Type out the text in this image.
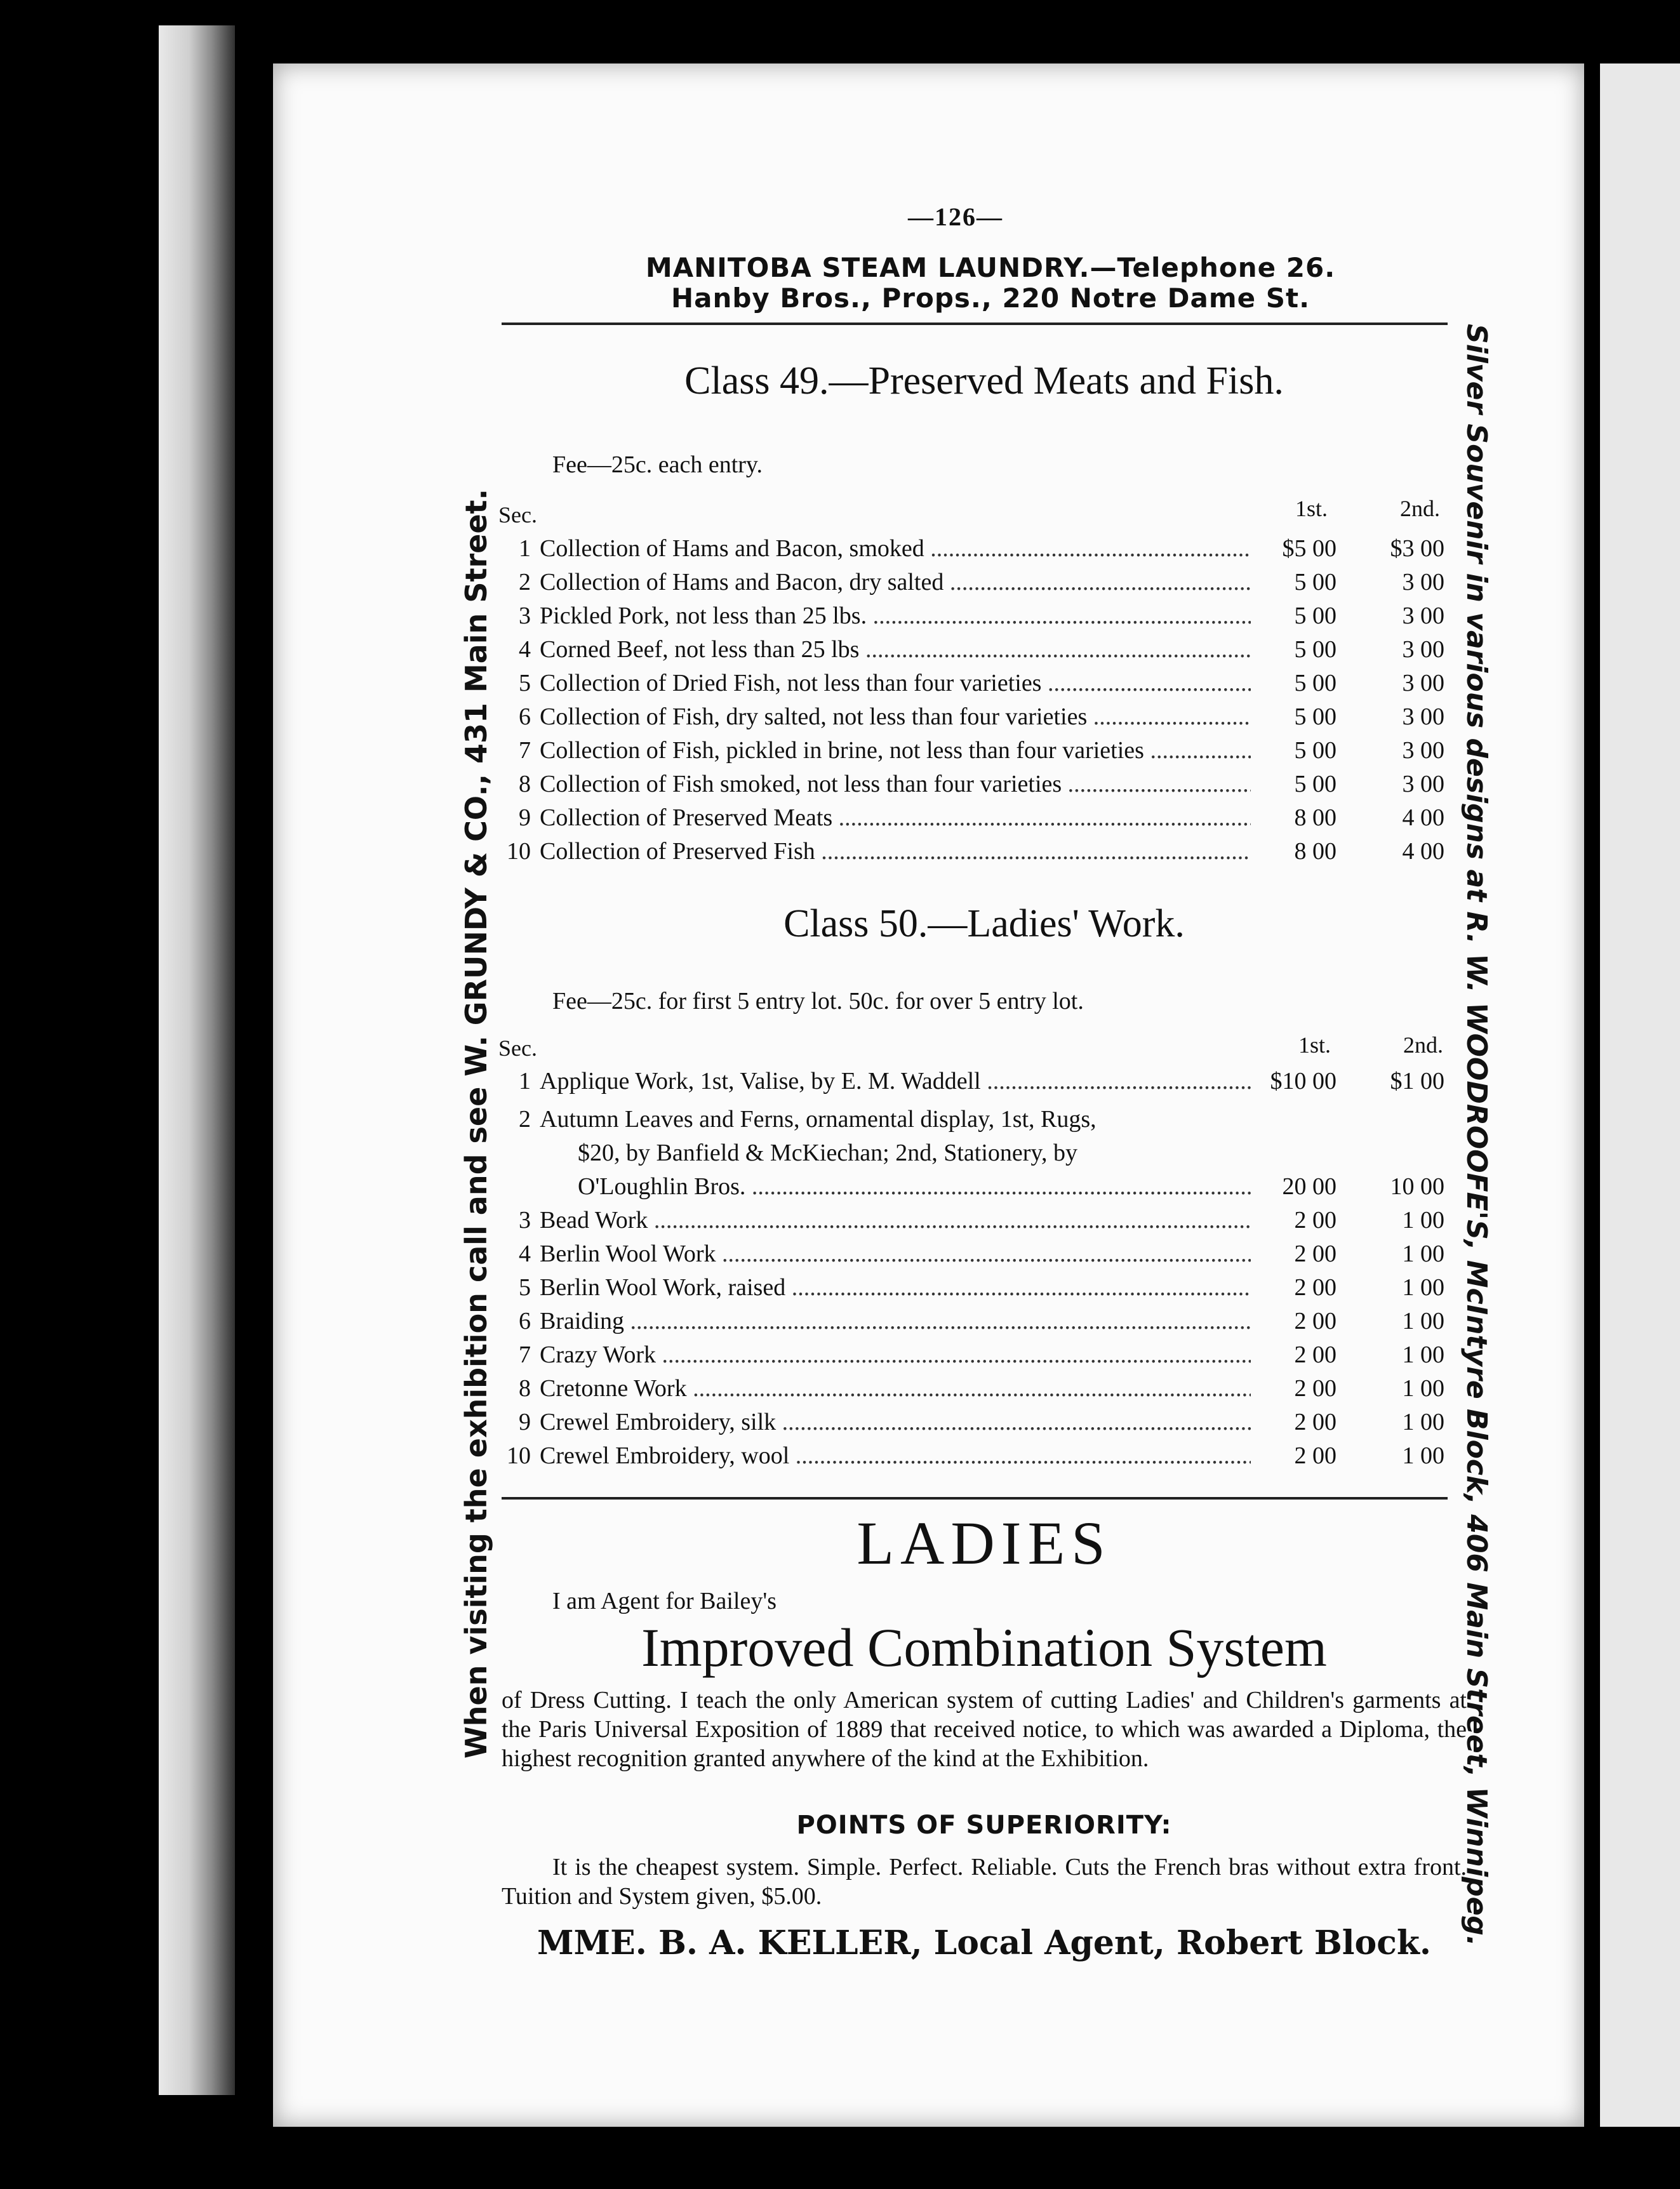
—126—
MANITOBA STEAM LAUNDRY.—Telephone 26.
Hanby Bros., Props., 220 Notre Dame St.
Class 49.—Preserved Meats and Fish.
Fee—25c. each entry.
Sec.	1st.	2nd.
1 Collection of Hams and Bacon, smoked .....	$5 00	$3 00
2 Collection of Hams and Bacon, dry salted .....	5 00	3 00
3 Pickled Pork, not less than 25 lbs. .....	5 00	3 00
4 Corned Beef, not less than 25 lbs .....	5 00	3 00
5 Collection of Dried Fish, not less than four varieties .....	5 00	3 00
6 Collection of Fish, dry salted, not less than four varieties .....	5 00	3 00
7 Collection of Fish, pickled in brine, not less than four varieties .....	5 00	3 00
8 Collection of Fish smoked, not less than four varieties .....	5 00	3 00
9 Collection of Preserved Meats .....	8 00	4 00
10 Collection of Preserved Fish .....	8 00	4 00
Class 50.—Ladies' Work.
Fee—25c. for first 5 entry lot. 50c. for over 5 entry lot.
Sec.	1st.	2nd.
1 Applique Work, 1st, Valise, by E. M. Waddell .....	$10 00	$1 00
2 Autumn Leaves and Ferns, ornamental display, 1st, Rugs,
$20, by Banfield & McKiechan; 2nd, Stationery, by
O'Loughlin Bros. .....	20 00	10 00
3 Bead Work .....	2 00	1 00
4 Berlin Wool Work .....	2 00	1 00
5 Berlin Wool Work, raised .....	2 00	1 00
6 Braiding .....	2 00	1 00
7 Crazy Work .....	2 00	1 00
8 Cretonne Work .....	2 00	1 00
9 Crewel Embroidery, silk .....	2 00	1 00
10 Crewel Embroidery, wool .....	2 00	1 00
LADIES
I am Agent for Bailey's
Improved Combination System
of Dress Cutting. I teach the only American system of cutting Ladies' and Children's garments at the Paris Universal Exposition of 1889 that received notice, to which was awarded a Diploma, the highest recognition granted anywhere of the kind at the Exhibition.
POINTS OF SUPERIORITY:
It is the cheapest system. Simple. Perfect. Reliable. Cuts the French bras without extra front. Tuition and System given, $5.00.
MME. B. A. KELLER, Local Agent, Robert Block.
When visiting the exhibition call and see W. GRUNDY & CO., 431 Main Street.	Silver Souvenir in various designs at R. W. WOODROOFE'S, McIntyre Block, 406 Main Street, Winnipeg.
